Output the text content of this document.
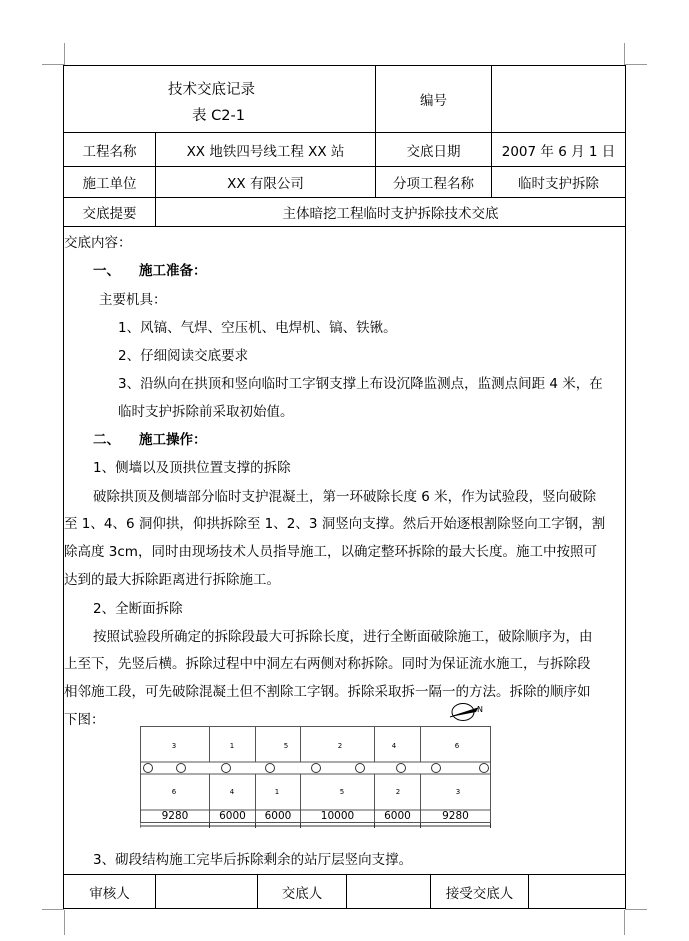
技术交底记录
表 C2-1
编号
工程名称	XX 地铁四号线工程 XX 站	交底日期	2007 年 6 月 1 日
施工单位	XX 有限公司	分项工程名称	临时支护拆除
交底提要	主体暗挖工程临时支护拆除技术交底
交底内容：
一、 施工准备：
主要机具：
1、风镐、气焊、空压机、电焊机、镐、铁锹。
2、仔细阅读交底要求
3、沿纵向在拱顶和竖向临时工字钢支撑上布设沉降监测点，监测点间距 4 米，在
临时支护拆除前采取初始值。
二、 施工操作：
1、侧墙以及顶拱位置支撑的拆除
破除拱顶及侧墙部分临时支护混凝土，第一环破除长度 6 米，作为试验段，竖向破除
至 1、4、6 洞仰拱，仰拱拆除至 1、2、3 洞竖向支撑。然后开始逐根割除竖向工字钢，割
除高度 3cm，同时由现场技术人员指导施工，以确定整环拆除的最大长度。施工中按照可
达到的最大拆除距离进行拆除施工。
2、全断面拆除
按照试验段所确定的拆除段最大可拆除长度，进行全断面破除施工，破除顺序为，由
上至下，先竖后横。拆除过程中中洞左右两侧对称拆除。同时为保证流水施工，与拆除段
相邻施工段，可先破除混凝土但不割除工字钢。拆除采取拆一隔一的方法。拆除的顺序如
下图：
N
3	1	5	2	4	6
6	4	1	5	2	3
9280	6000	6000	10000	6000	9280
3、砌段结构施工完毕后拆除剩余的站厅层竖向支撑。
审核人	交底人	接受交底人
